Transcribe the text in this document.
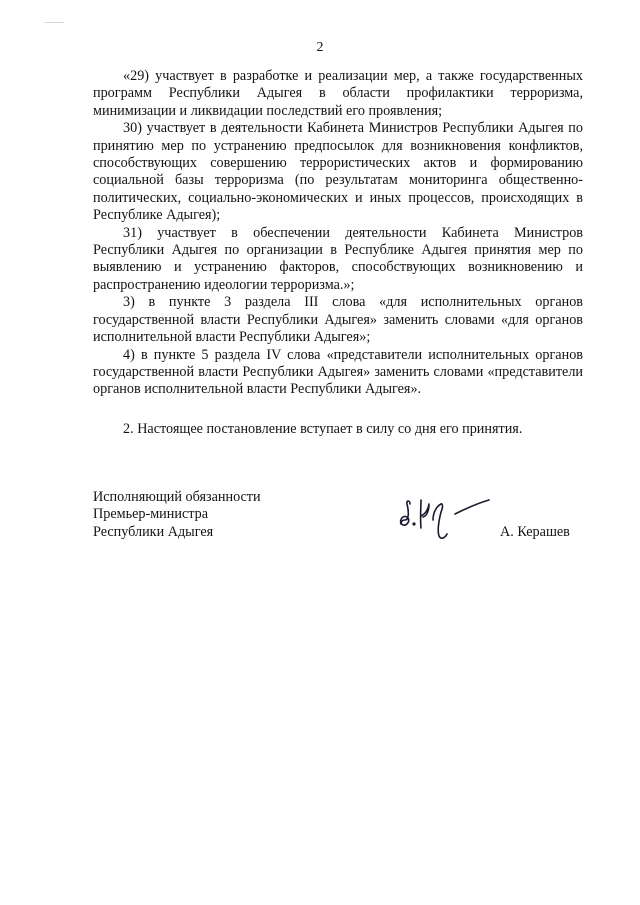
2

«29) участвует в разработке и реализации мер, а также государственных программ Республики Адыгея в области профилактики терроризма, минимизации и ликвидации последствий его проявления;

30) участвует в деятельности Кабинета Министров Республики Адыгея по принятию мер по устранению предпосылок для возникновения конфликтов, способствующих совершению террористических актов и формированию социальной базы терроризма (по результатам мониторинга общественно-политических, социально-экономических и иных процессов, происходящих в Республике Адыгея);

31) участвует в обеспечении деятельности Кабинета Министров Республики Адыгея по организации в Республике Адыгея принятия мер по выявлению и устранению факторов, способствующих возникновению и распространению идеологии терроризма.»;

3) в пункте 3 раздела III слова «для исполнительных органов государственной власти Республики Адыгея» заменить словами «для органов исполнительной власти Республики Адыгея»;

4) в пункте 5 раздела IV слова «представители исполнительных органов государственной власти Республики Адыгея» заменить словами «представители органов исполнительной власти Республики Адыгея».

2. Настоящее постановление вступает в силу со дня его принятия.

Исполняющий обязанности
Премьер-министра
Республики Адыгея	А. Керашев
